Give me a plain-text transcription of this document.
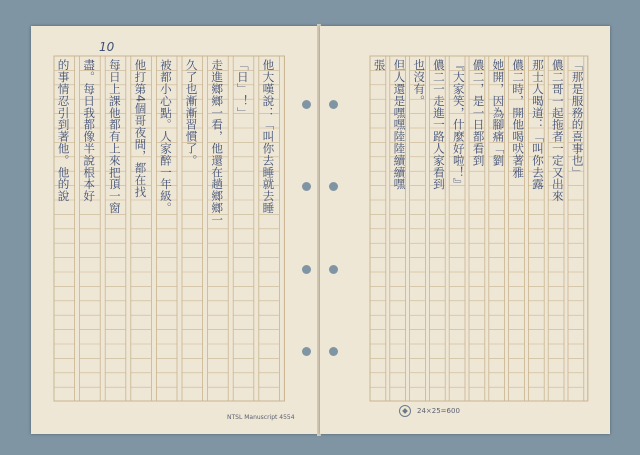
10
他大嘆說：「叫你去睡就去睡
「日」！」
走進鄉鄉一看，他還在趟鄉鄉一
久了也漸漸習慣了。
被都小心點。人家醉一年級。
他打第4個哥夜間，都在找
每日上課他都有上來把頂一窗
盡。每日我都像半說根本好
的事情忍引到著他。他的說
NTSL Manuscript 4554
「那是服務的喜事也」
儂二哥一起拖者一定又出來
那士人喝道：「叫你去露
儂二時，開他喝吠著雅
她開，因為腳痛「劉
儂二，是一日都看到
『大家笑，什麼好啦！』
儂二一走進一路人家看到
也沒有。
但人還是嘿嘿陸陸續續嘿
張
24×25=600
